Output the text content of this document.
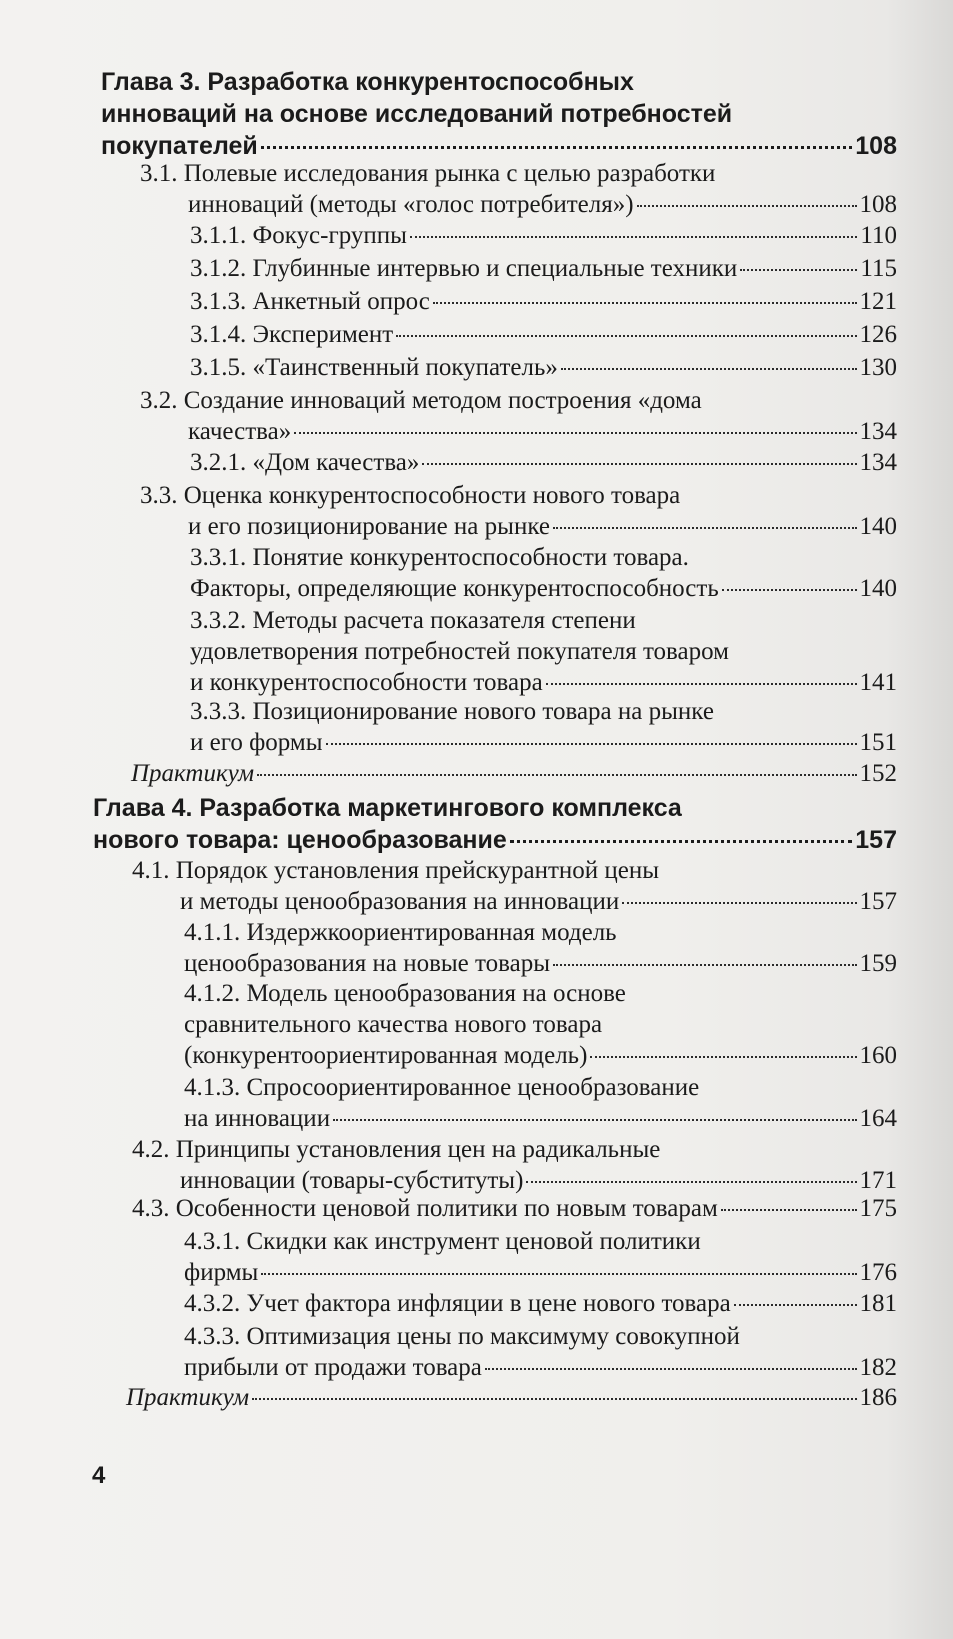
Глава 3. Разработка конкурентоспособных
инноваций на основе исследований потребностей
покупателей	108
3.1. Полевые исследования рынка с целью разработки
инноваций (методы «голос потребителя»)	108
3.1.1. Фокус-группы	110
3.1.2. Глубинные интервью и специальные техники	115
3.1.3. Анкетный опрос	121
3.1.4. Эксперимент	126
3.1.5. «Таинственный покупатель»	130
3.2. Создание инноваций методом построения «дома
качества»	134
3.2.1. «Дом качества»	134
3.3. Оценка конкурентоспособности нового товара
и его позиционирование на рынке	140
3.3.1. Понятие конкурентоспособности товара.
Факторы, определяющие конкурентоспособность	140
3.3.2. Методы расчета показателя степени
удовлетворения потребностей покупателя товаром
и конкурентоспособности товара	141
3.3.3. Позиционирование нового товара на рынке
и его формы	151
Практикум	152
Глава 4. Разработка маркетингового комплекса
нового товара: ценообразование	157
4.1. Порядок установления прейскурантной цены
и методы ценообразования на инновации	157
4.1.1. Издержкоориентированная модель
ценообразования на новые товары	159
4.1.2. Модель ценообразования на основе
сравнительного качества нового товара
(конкурентоориентированная модель)	160
4.1.3. Спросоориентированное ценообразование
на инновации	164
4.2. Принципы установления цен на радикальные
инновации (товары-субституты)	171
4.3. Особенности ценовой политики по новым товарам	175
4.3.1. Скидки как инструмент ценовой политики
фирмы	176
4.3.2. Учет фактора инфляции в цене нового товара	181
4.3.3. Оптимизация цены по максимуму совокупной
прибыли от продажи товара	182
Практикум	186
4
